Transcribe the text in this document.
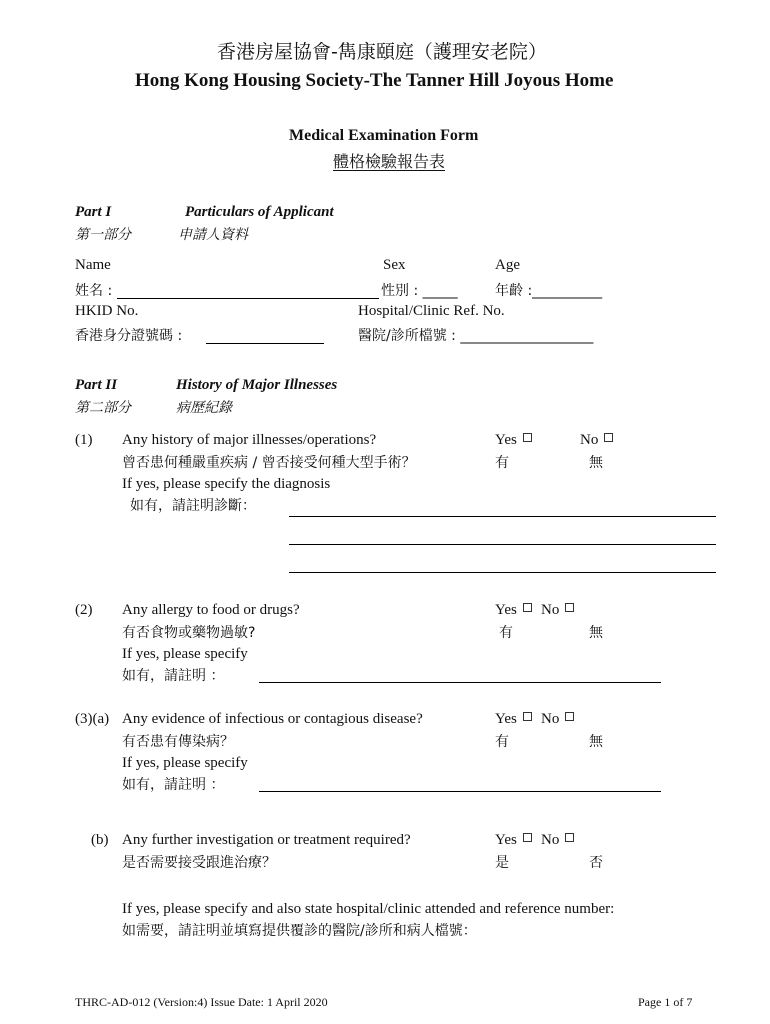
香港房屋協會-雋康頤庭（護理安老院）
Hong Kong Housing Society-The Tanner Hill Joyous Home
Medical Examination Form
體格檢驗報告表
Part I	Particulars of Applicant
第一部分	申請人資料
Name	Sex	Age
姓名 :	性別 : _____	年齡 :__________
HKID No.	Hospital/Clinic Ref. No.
香港身分證號碼 :	醫院/診所檔號 : ___________________
Part II	History of Major Illnesses
第二部分	病歷紀錄
(1) Any history of major illnesses/operations?	Yes	No
曾否患何種嚴重疾病 / 曾否接受何種大型手術？	有	無
If yes, please specify the diagnosis
如有，請註明診斷：
(2) Any allergy to food or drugs?	Yes	No
有否食物或藥物過敏?	有	無
If yes, please specify
如有，請註明 ：
(3)(a) Any evidence of infectious or contagious disease?	Yes	No
有否患有傳染病？	有	無
If yes, please specify
如有，請註明 ：
(b) Any further investigation or treatment required?	Yes	No
是否需要接受跟進治療？	是	否
If yes, please specify and also state hospital/clinic attended and reference number:
如需要，請註明並填寫提供覆診的醫院/診所和病人檔號：
THRC-AD-012 (Version:4) Issue Date: 1 April 2020	Page 1 of 7
